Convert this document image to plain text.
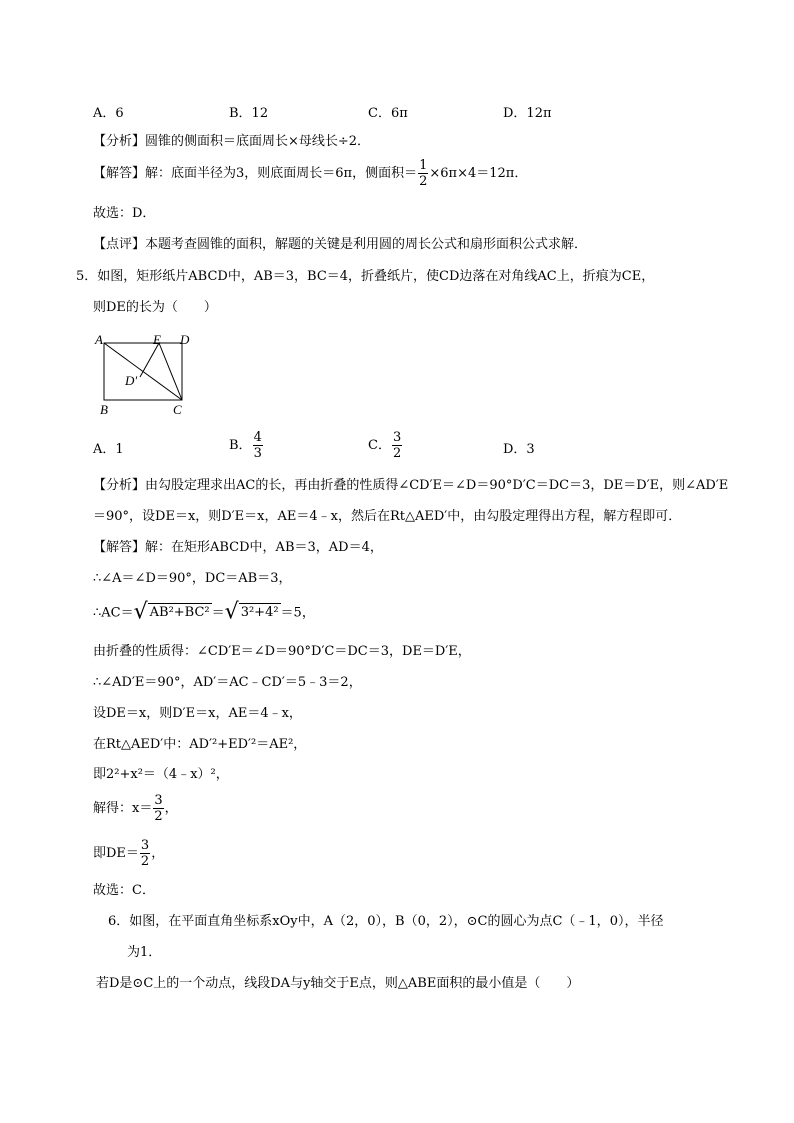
A．6	B．12	C．6π	D．12π
【分析】圆锥的侧面积＝底面周长×母线长÷2．
【解答】解：底面半径为3，则底面周长＝6π，侧面积＝ $\frac{1}{2} \times 6\pi\times 4=12\pi$．
故选：D．
【点评】本题考查圆锥的面积，解题的关键是利用圆的周长公式和扇形面积公式求解．
5．如图，矩形纸片ABCD中，AB＝3，BC＝4，折叠纸片，使CD边落在对角线AC上，折痕为CE，
则DE的长为（　　）
A	E D
D′
B	C
A．1	B． $\frac{4}{3}$	C． $\frac{3}{2}$	D．3
【分析】由勾股定理求出AC的长，再由折叠的性质得∠CD′E＝∠D＝90°D′C＝DC＝3，DE＝D′E，则∠AD′E
＝90°，设DE＝x，则D′E＝x，AE＝4﹣x，然后在Rt△AED′中，由勾股定理得出方程，解方程即可．
【解答】解：在矩形ABCD中，AB＝3，AD＝4，
∴∠A＝∠D＝90°，DC＝AB＝3，
∴AC＝√ AB²+BC² ＝√ 3²+4² ＝5，
由折叠的性质得：∠CD′E＝∠D＝90°D′C＝DC＝3，DE＝D′E，
∴∠AD′E＝90°，AD′＝AC﹣CD′＝5﹣3＝2，
设DE＝x，则D′E＝x，AE＝4﹣x，
在Rt△AED′中：AD′²+ED′²＝AE²，
即2²+x²＝（4﹣x）²，
解得：$x= \frac{3}{2}$ ，
即$DE= \frac{3}{2}$ ，
故选：C．
6．如图，在平面直角坐标系xOy中，A（2，0），B（0，2），⊙C的圆心为点C（﹣1，0），半径
为1．
若D是⊙C上的一个动点，线段DA与y轴交于E点，则△ABE面积的最小值是（　　）
